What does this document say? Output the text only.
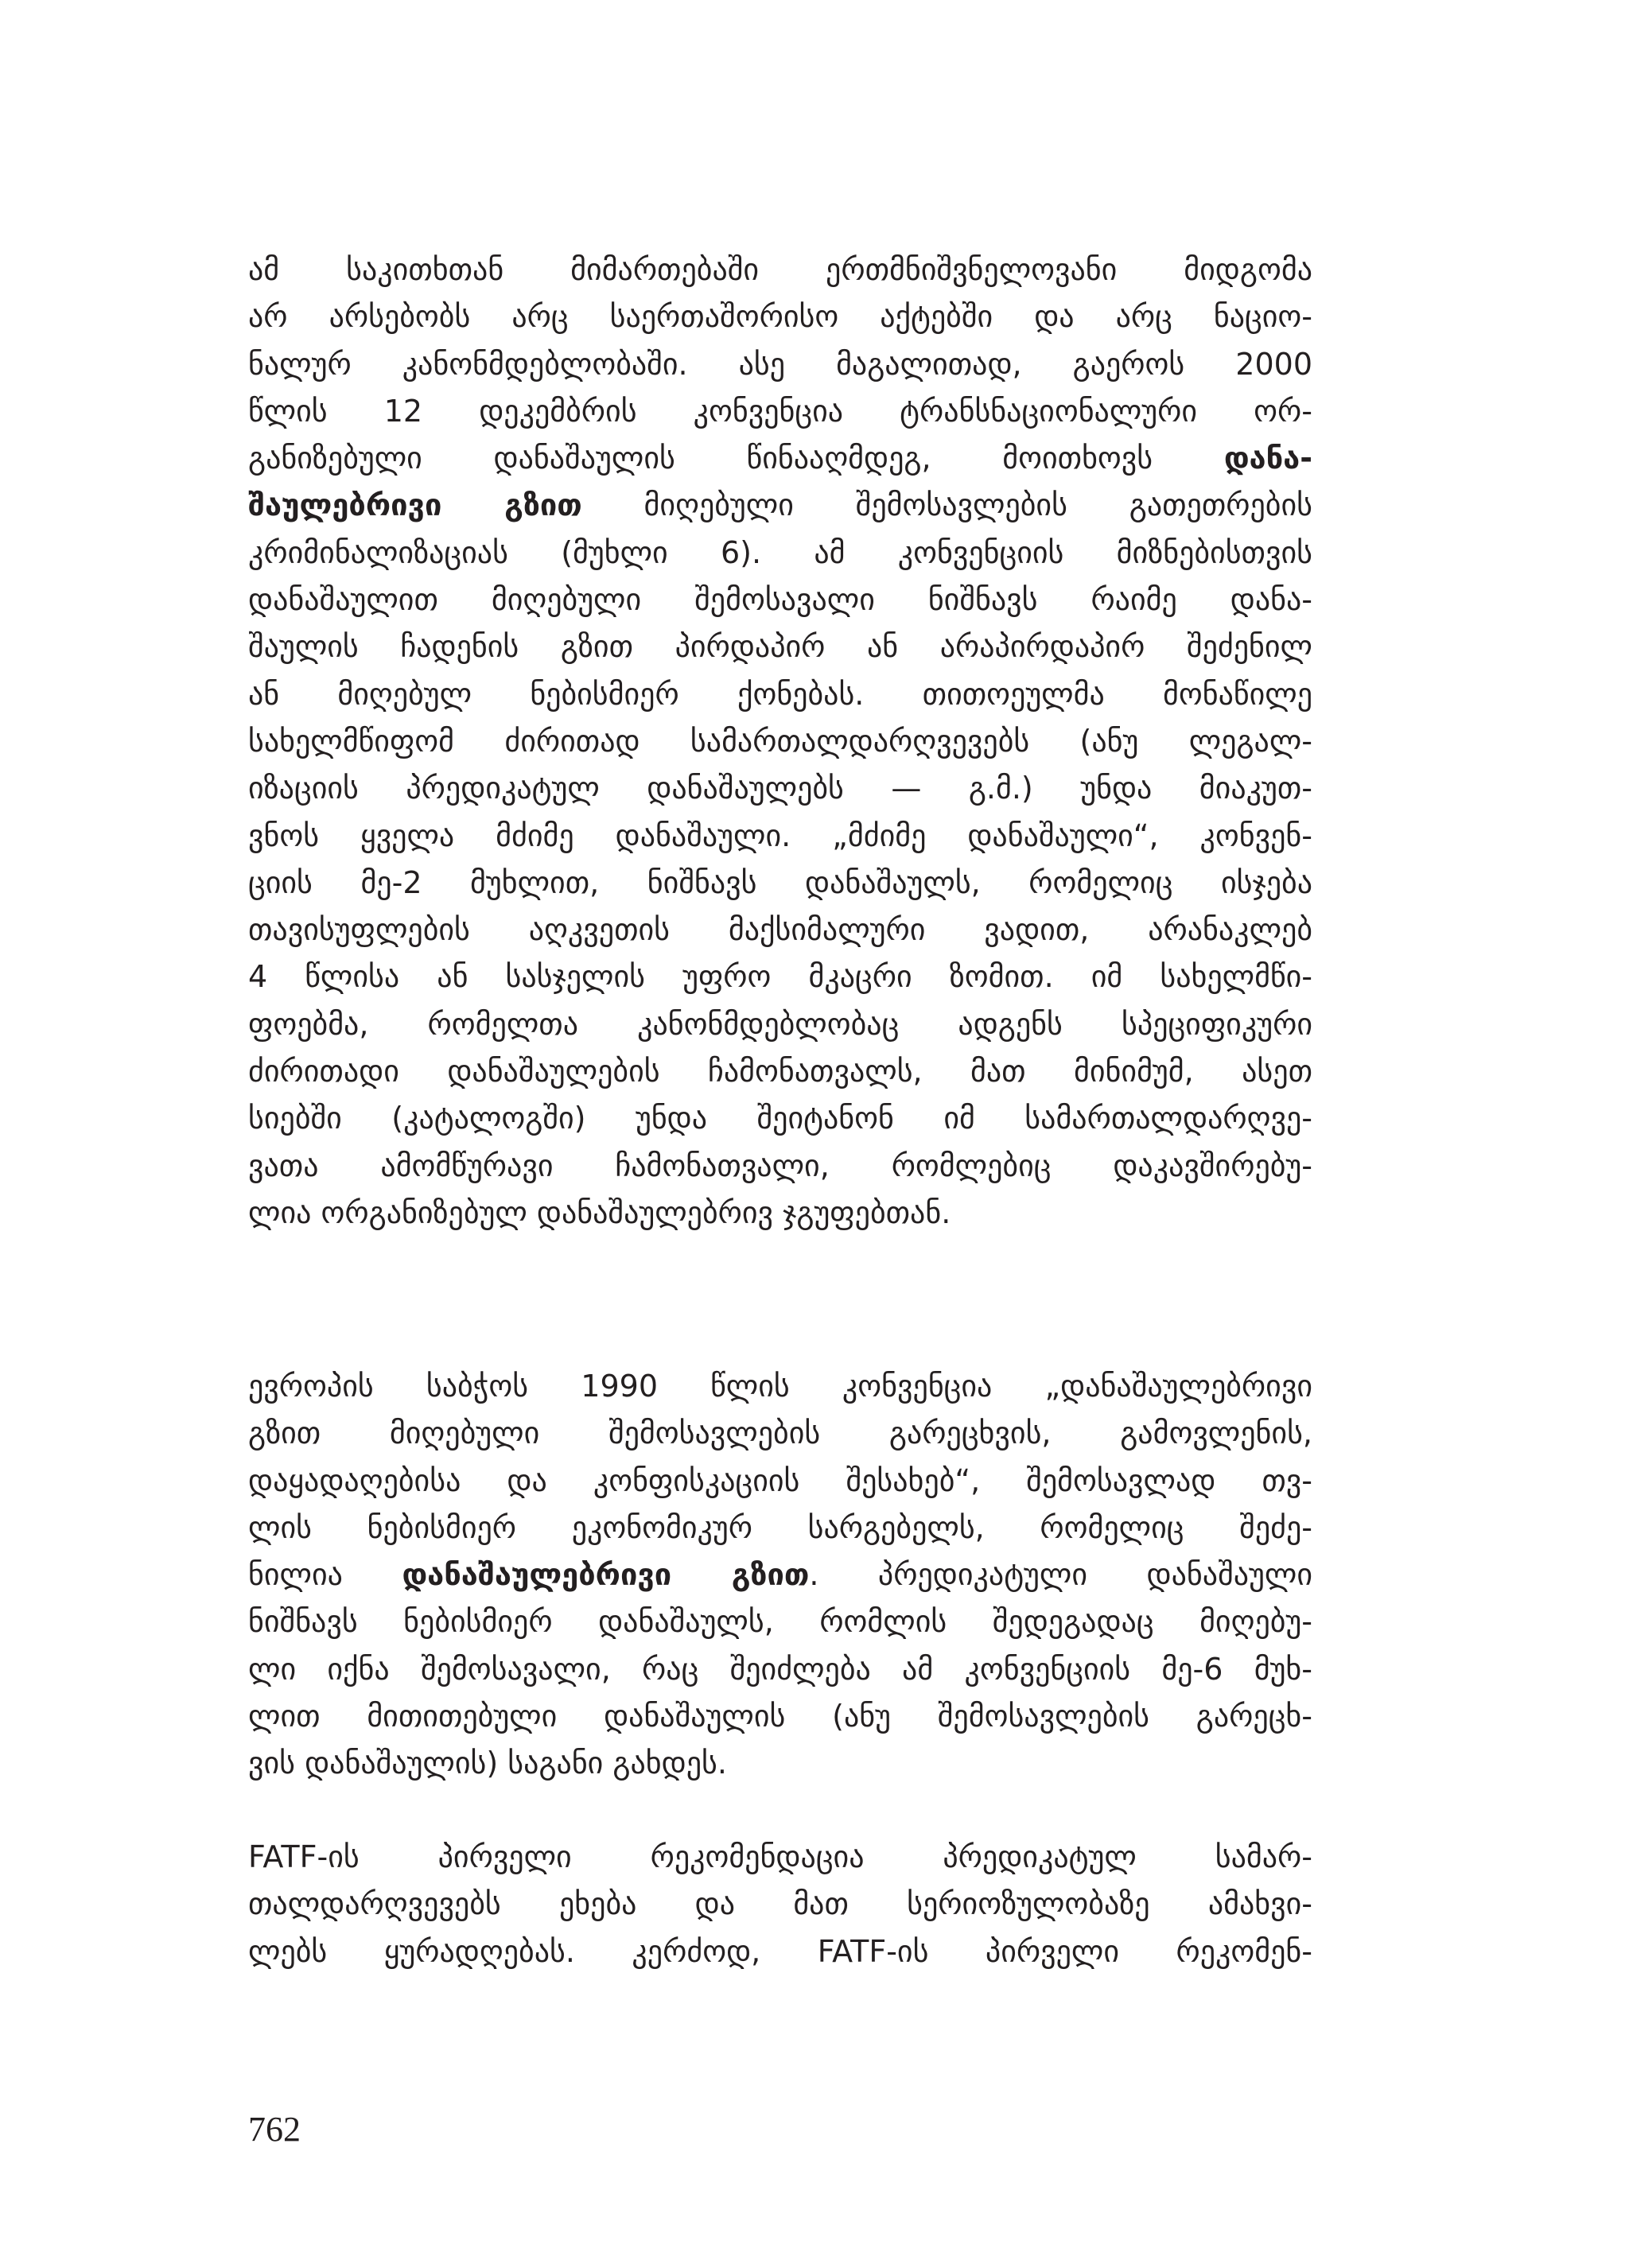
ამ საკითხთან მიმართებაში ერთმნიშვნელოვანი მიდგომა
არ არსებობს არც საერთაშორისო აქტებში და არც ნაციო-
ნალურ კანონმდებლობაში. ასე მაგალითად, გაეროს 2000
წლის 12 დეკემბრის კონვენცია ტრანსნაციონალური ორ-
განიზებული დანაშაულის წინააღმდეგ, მოითხოვს დანა-
შაულებრივი გზით მიღებული შემოსავლების გათეთრების
კრიმინალიზაციას (მუხლი 6). ამ კონვენციის მიზნებისთვის
დანაშაულით მიღებული შემოსავალი ნიშნავს რაიმე დანა-
შაულის ჩადენის გზით პირდაპირ ან არაპირდაპირ შეძენილ
ან მიღებულ ნებისმიერ ქონებას. თითოეულმა მონაწილე
სახელმწიფომ ძირითად სამართალდარღვევებს (ანუ ლეგალ-
იზაციის პრედიკატულ დანაშაულებს — გ.მ.) უნდა მიაკუთ-
ვნოს ყველა მძიმე დანაშაული. „მძიმე დანაშაული“, კონვენ-
ციის მე-2 მუხლით, ნიშნავს დანაშაულს, რომელიც ისჯება
თავისუფლების აღკვეთის მაქსიმალური ვადით, არანაკლებ
4 წლისა ან სასჯელის უფრო მკაცრი ზომით. იმ სახელმწი-
ფოებმა, რომელთა კანონმდებლობაც ადგენს სპეციფიკური
ძირითადი დანაშაულების ჩამონათვალს, მათ მინიმუმ, ასეთ
სიებში (კატალოგში) უნდა შეიტანონ იმ სამართალდარღვე-
ვათა ამომწურავი ჩამონათვალი, რომლებიც დაკავშირებუ-
ლია ორგანიზებულ დანაშაულებრივ ჯგუფებთან.
ევროპის საბჭოს 1990 წლის კონვენცია „დანაშაულებრივი
გზით მიღებული შემოსავლების გარეცხვის, გამოვლენის,
დაყადაღებისა და კონფისკაციის შესახებ“, შემოსავლად თვ-
ლის ნებისმიერ ეკონომიკურ სარგებელს, რომელიც შეძე-
ნილია დანაშაულებრივი გზით. პრედიკატული დანაშაული
ნიშნავს ნებისმიერ დანაშაულს, რომლის შედეგადაც მიღებუ-
ლი იქნა შემოსავალი, რაც შეიძლება ამ კონვენციის მე-6 მუხ-
ლით მითითებული დანაშაულის (ანუ შემოსავლების გარეცხ-
ვის დანაშაულის) საგანი გახდეს.
FATF-ის პირველი რეკომენდაცია პრედიკატულ სამარ-
თალდარღვევებს ეხება და მათ სერიოზულობაზე ამახვი-
ლებს ყურადღებას. კერძოდ, FATF-ის პირველი რეკომენ-
762
